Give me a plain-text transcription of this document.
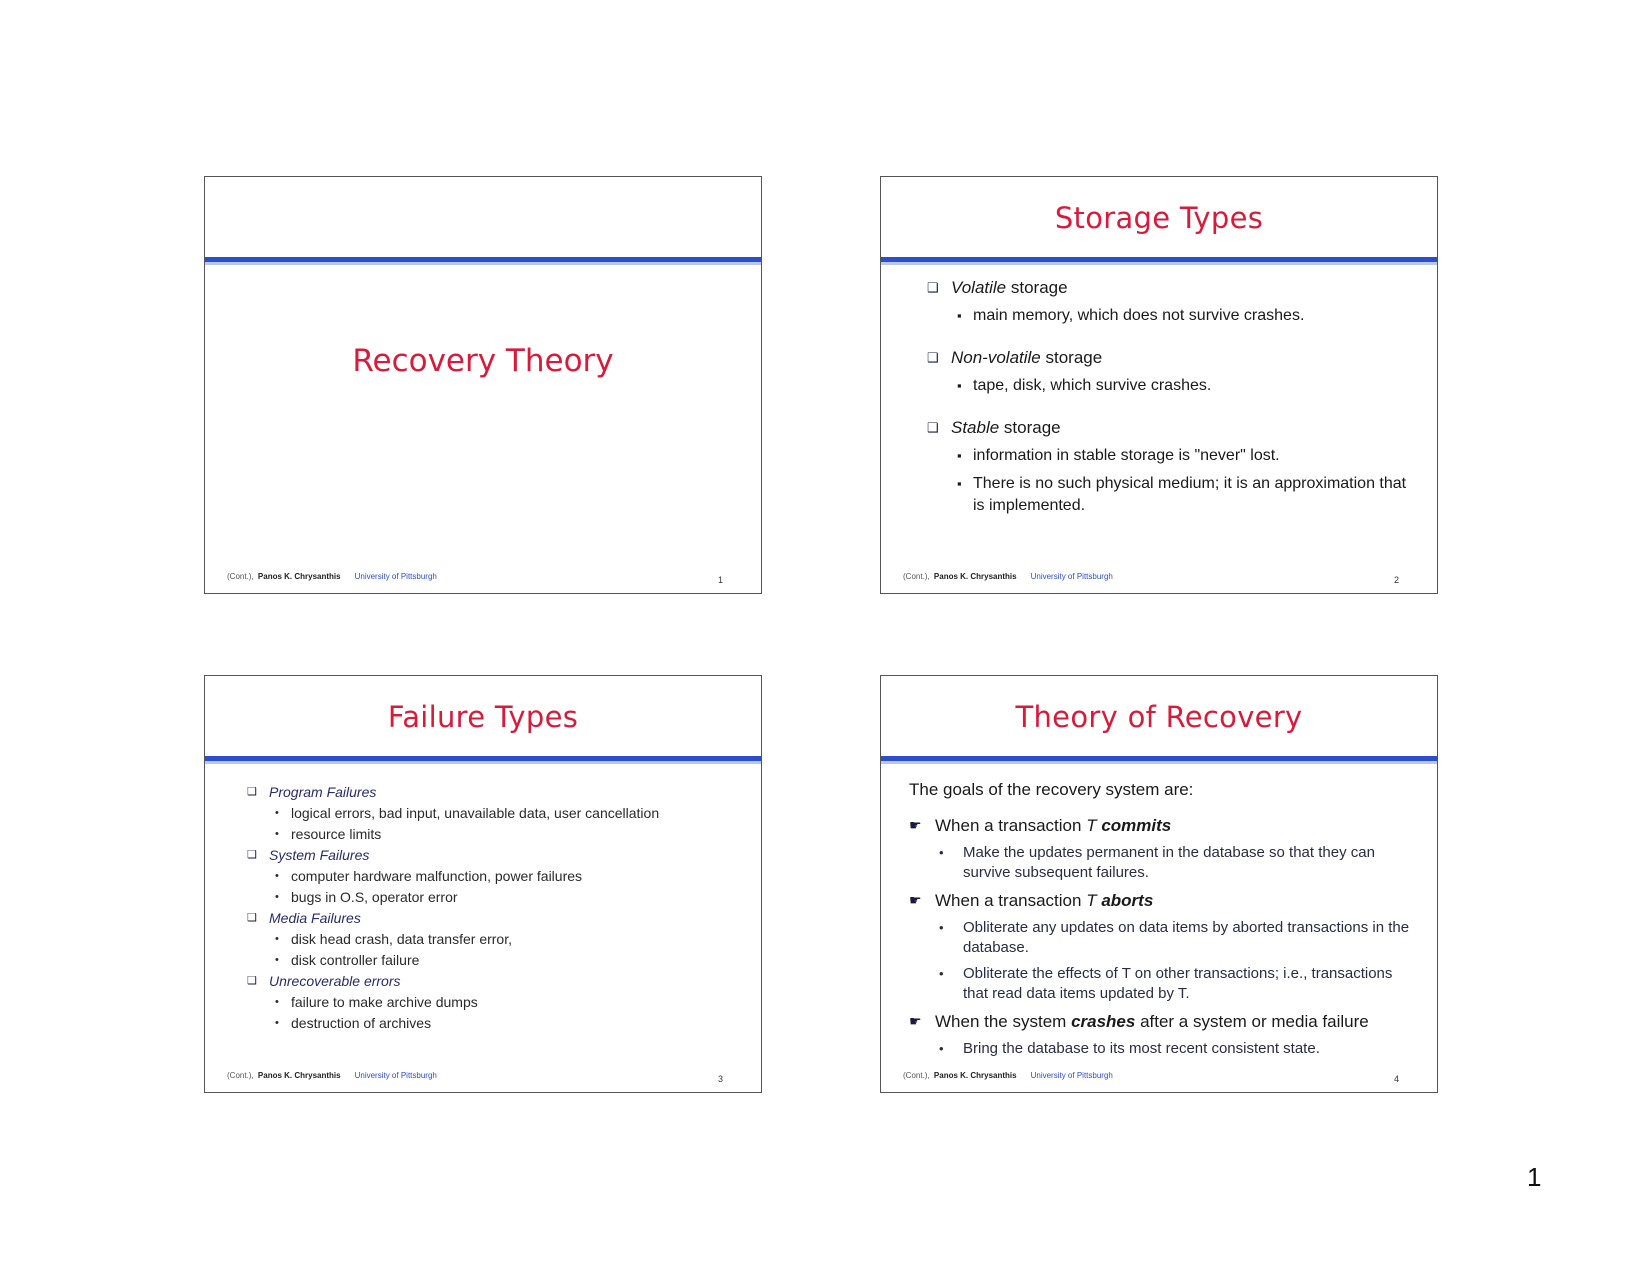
Recovery Theory
(Cont.), Panos K. Chrysanthis University of Pittsburgh	1
Storage Types
❑ Volatile storage
▪ main memory, which does not survive crashes.
❑ Non-volatile storage
▪ tape, disk, which survive crashes.
❑ Stable storage
▪ information in stable storage is "never" lost.
▪ There is no such physical medium; it is an approximation that is implemented.
(Cont.), Panos K. Chrysanthis University of Pittsburgh	2
Failure Types
❑ Program Failures
• logical errors, bad input, unavailable data, user cancellation
• resource limits
❑ System Failures
• computer hardware malfunction, power failures
• bugs in O.S, operator error
❑ Media Failures
• disk head crash, data transfer error,
• disk controller failure
❑ Unrecoverable errors
• failure to make archive dumps
• destruction of archives
(Cont.), Panos K. Chrysanthis University of Pittsburgh	3
Theory of Recovery
The goals of the recovery system are:
☛ When a transaction T commits
• Make the updates permanent in the database so that they can survive subsequent failures.
☛ When a transaction T aborts
• Obliterate any updates on data items by aborted transactions in the database.
• Obliterate the effects of T on other transactions; i.e., transactions that read data items updated by T.
☛ When the system crashes after a system or media failure
• Bring the database to its most recent consistent state.
(Cont.), Panos K. Chrysanthis University of Pittsburgh	4
1
